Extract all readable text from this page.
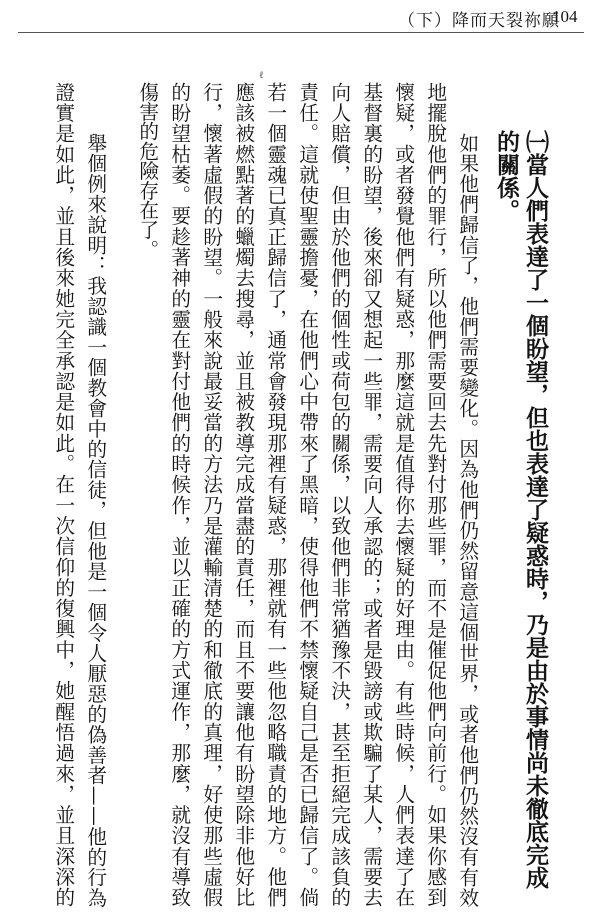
（下）降而天裂祢願
104
ℓ
㈠當人們表達了一個盼望，但也表達了疑惑時，乃是由於事情尚未徹底完成
的關係。
如果他們歸信了，他們需要變化。因為他們仍然留意這個世界，或者他們仍然沒有有效
地擺脫他們的罪行，所以他們需要回去先對付那些罪，而不是催促他們向前行。如果你感到
懷疑，或者發覺他們有疑惑，那麼這就是值得你去懷疑的好理由。有些時候，人們表達了在
基督裏的盼望，後來卻又想起一些罪，需要向人承認的；或者是毀謗或欺騙了某人，需要去
向人賠償，但由於他們的個性或荷包的關係，以致他們非常猶豫不決，甚至拒絕完成該負的
責任。這就使聖靈擔憂，在他們心中帶來了黑暗，使得他們不禁懷疑自己是否已歸信了。倘
若一個靈魂已真正歸信了，通常會發現那裡有疑惑，那裡就有一些他忽略職責的地方。他們
應該被燃點著的蠟燭去搜尋，並且被教導完成當盡的責任，而且不要讓他有盼望除非他好比
行，懷著虛假的盼望。一般來說最妥當的方法乃是灌輸清楚的和徹底的真理，好使那些虛假
的盼望枯萎。要趁著神的靈在對付他們的時候作，並以正確的方式運作，那麼，就沒有導致
傷害的危險存在了。
舉個例來說明：我認識一個教會中的信徒，但他是一個令人厭惡的偽善者——他的行為
證實是如此，並且後來她完全承認是如此。在一次信仰的復興中，她醒悟過來，並且深深的
